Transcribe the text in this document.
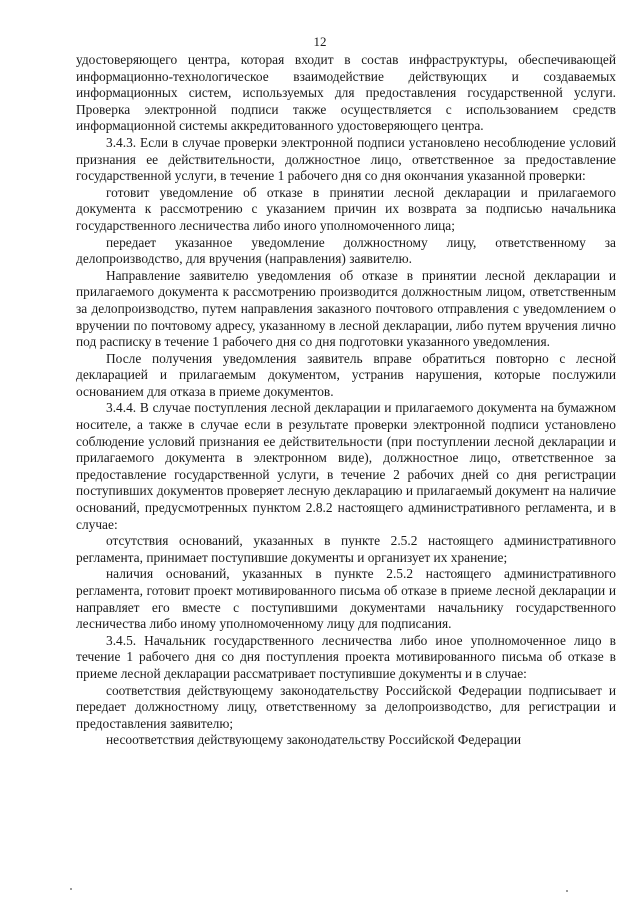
12

удостоверяющего центра, которая входит в состав инфраструктуры, обеспечивающей информационно-технологическое взаимодействие действующих и создаваемых информационных систем, используемых для предоставления государственной услуги. Проверка электронной подписи также осуществляется с использованием средств информационной системы аккредитованного удостоверяющего центра.

3.4.3. Если в случае проверки электронной подписи установлено несоблюдение условий признания ее действительности, должностное лицо, ответственное за предоставление государственной услуги, в течение 1 рабочего дня со дня окончания указанной проверки:

готовит уведомление об отказе в принятии лесной декларации и прилагаемого документа к рассмотрению с указанием причин их возврата за подписью начальника государственного лесничества либо иного уполномоченного лица;

передает указанное уведомление должностному лицу, ответственному за делопроизводство, для вручения (направления) заявителю.

Направление заявителю уведомления об отказе в принятии лесной декларации и прилагаемого документа к рассмотрению производится должностным лицом, ответственным за делопроизводство, путем направления заказного почтового отправления с уведомлением о вручении по почтовому адресу, указанному в лесной декларации, либо путем вручения лично под расписку в течение 1 рабочего дня со дня подготовки указанного уведомления.

После получения уведомления заявитель вправе обратиться повторно с лесной декларацией и прилагаемым документом, устранив нарушения, которые послужили основанием для отказа в приеме документов.

3.4.4. В случае поступления лесной декларации и прилагаемого документа на бумажном носителе, а также в случае если в результате проверки электронной подписи установлено соблюдение условий признания ее действительности (при поступлении лесной декларации и прилагаемого документа в электронном виде), должностное лицо, ответственное за предоставление государственной услуги, в течение 2 рабочих дней со дня регистрации поступивших документов проверяет лесную декларацию и прилагаемый документ на наличие оснований, предусмотренных пунктом 2.8.2 настоящего административного регламента, и в случае:

отсутствия оснований, указанных в пункте 2.5.2 настоящего административного регламента, принимает поступившие документы и организует их хранение;

наличия оснований, указанных в пункте 2.5.2 настоящего административного регламента, готовит проект мотивированного письма об отказе в приеме лесной декларации и направляет его вместе с поступившими документами начальнику государственного лесничества либо иному уполномоченному лицу для подписания.

3.4.5. Начальник государственного лесничества либо иное уполномоченное лицо в течение 1 рабочего дня со дня поступления проекта мотивированного письма об отказе в приеме лесной декларации рассматривает поступившие документы и в случае:

соответствия действующему законодательству Российской Федерации подписывает и передает должностному лицу, ответственному за делопроизводство, для регистрации и предоставления заявителю;

несоответствия действующему законодательству Российской Федерации
